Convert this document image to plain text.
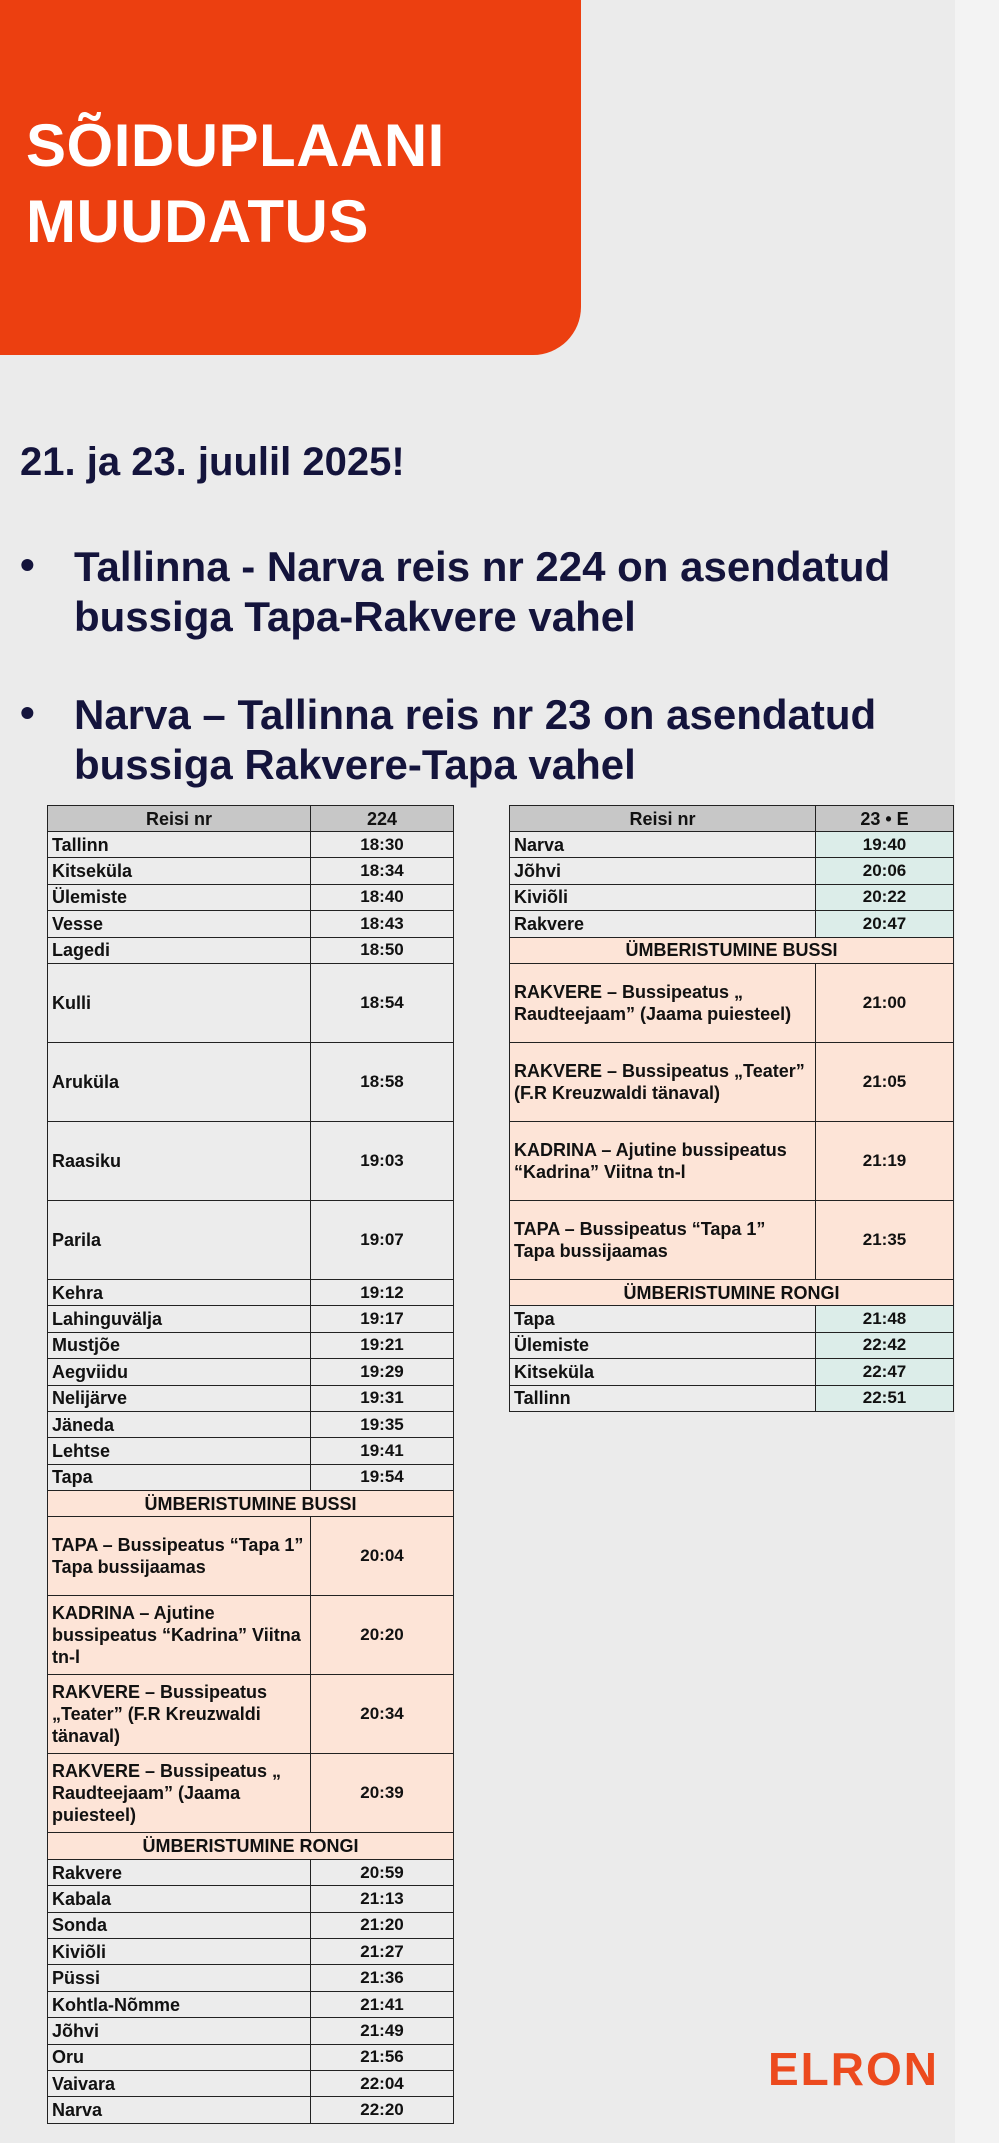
SÕIDUPLAANI
MUUDATUS
21. ja 23. juulil 2025!
• Tallinna - Narva reis nr 224 on asendatud bussiga Tapa-Rakvere vahel
• Narva – Tallinna reis nr 23 on asendatud bussiga Rakvere-Tapa vahel
Reisi nr	224
Tallinn	18:30
Kitseküla	18:34
Ülemiste	18:40
Vesse	18:43
Lagedi	18:50
Kulli	18:54
Aruküla	18:58
Raasiku	19:03
Parila	19:07
Kehra	19:12
Lahinguvälja	19:17
Mustjõe	19:21
Aegviidu	19:29
Nelijärve	19:31
Jäneda	19:35
Lehtse	19:41
Tapa	19:54
ÜMBERISTUMINE BUSSI	
TAPA – Bussipeatus “Tapa 1” Tapa bussijaamas	20:04
KADRINA – Ajutine bussipeatus “Kadrina” Viitna tn-l	20:20
RAKVERE – Bussipeatus „Teater” (F.R Kreuzwaldi tänaval)	20:34
RAKVERE – Bussipeatus „ Raudteejaam” (Jaama puiesteel)	20:39
ÜMBERISTUMINE RONGI	
Rakvere	20:59
Kabala	21:13
Sonda	21:20
Kiviõli	21:27
Püssi	21:36
Kohtla-Nõmme	21:41
Jõhvi	21:49
Oru	21:56
Vaivara	22:04
Narva	22:20
Reisi nr	23 • E
Narva	19:40
Jõhvi	20:06
Kiviõli	20:22
Rakvere	20:47
ÜMBERISTUMINE BUSSI	
RAKVERE – Bussipeatus „ Raudteejaam” (Jaama puiesteel)	21:00
RAKVERE – Bussipeatus „Teater” (F.R Kreuzwaldi tänaval)	21:05
KADRINA – Ajutine bussipeatus “Kadrina” Viitna tn-l	21:19
TAPA – Bussipeatus “Tapa 1” Tapa bussijaamas	21:35
ÜMBERISTUMINE RONGI	
Tapa	21:48
Ülemiste	22:42
Kitseküla	22:47
Tallinn	22:51
ELRON
